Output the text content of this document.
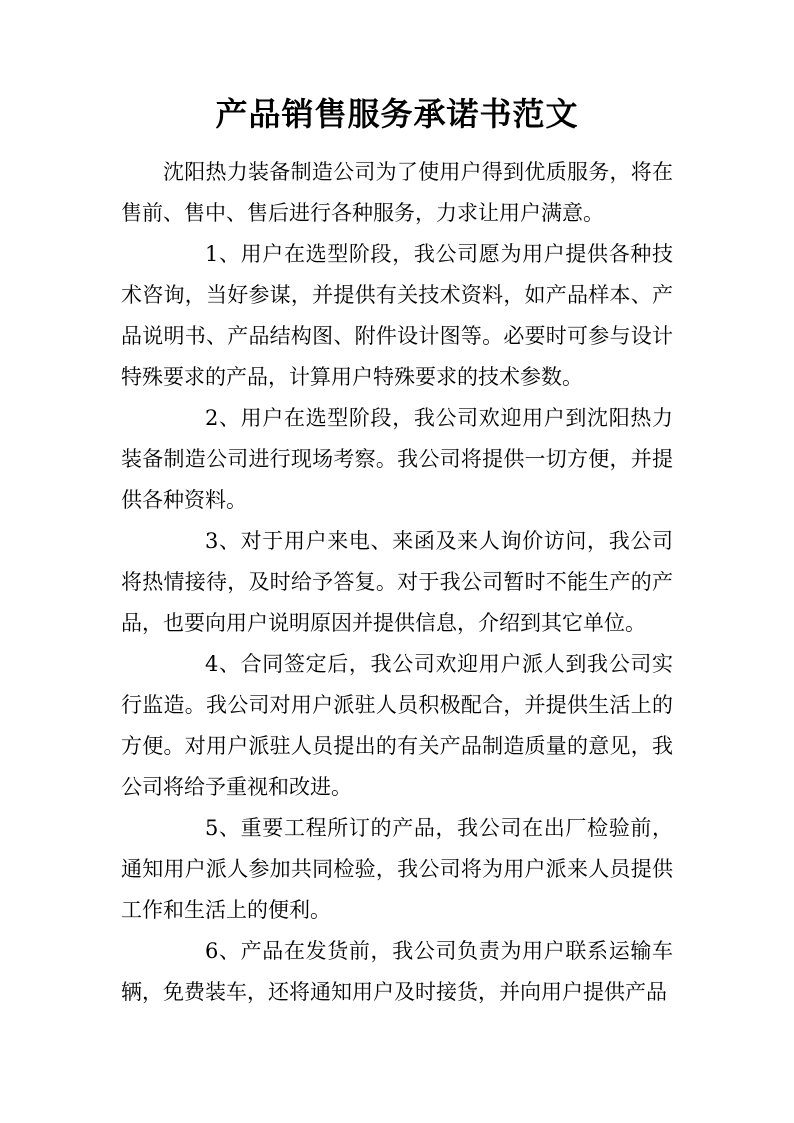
产品销售服务承诺书范文

沈阳热力装备制造公司为了使用户得到优质服务，将在售前、售中、售后进行各种服务，力求让用户满意。

1、用户在选型阶段，我公司愿为用户提供各种技术咨询，当好参谋，并提供有关技术资料，如产品样本、产品说明书、产品结构图、附件设计图等。必要时可参与设计特殊要求的产品，计算用户特殊要求的技术参数。

2、用户在选型阶段，我公司欢迎用户到沈阳热力装备制造公司进行现场考察。我公司将提供一切方便，并提供各种资料。

3、对于用户来电、来函及来人询价访问，我公司将热情接待，及时给予答复。对于我公司暂时不能生产的产品，也要向用户说明原因并提供信息，介绍到其它单位。

4、合同签定后，我公司欢迎用户派人到我公司实行监造。我公司对用户派驻人员积极配合，并提供生活上的方便。对用户派驻人员提出的有关产品制造质量的意见，我公司将给予重视和改进。

5、重要工程所订的产品，我公司在出厂检验前，通知用户派人参加共同检验，我公司将为用户派来人员提供工作和生活上的便利。

6、产品在发货前，我公司负责为用户联系运输车辆，免费装车，还将通知用户及时接货，并向用户提供产品
